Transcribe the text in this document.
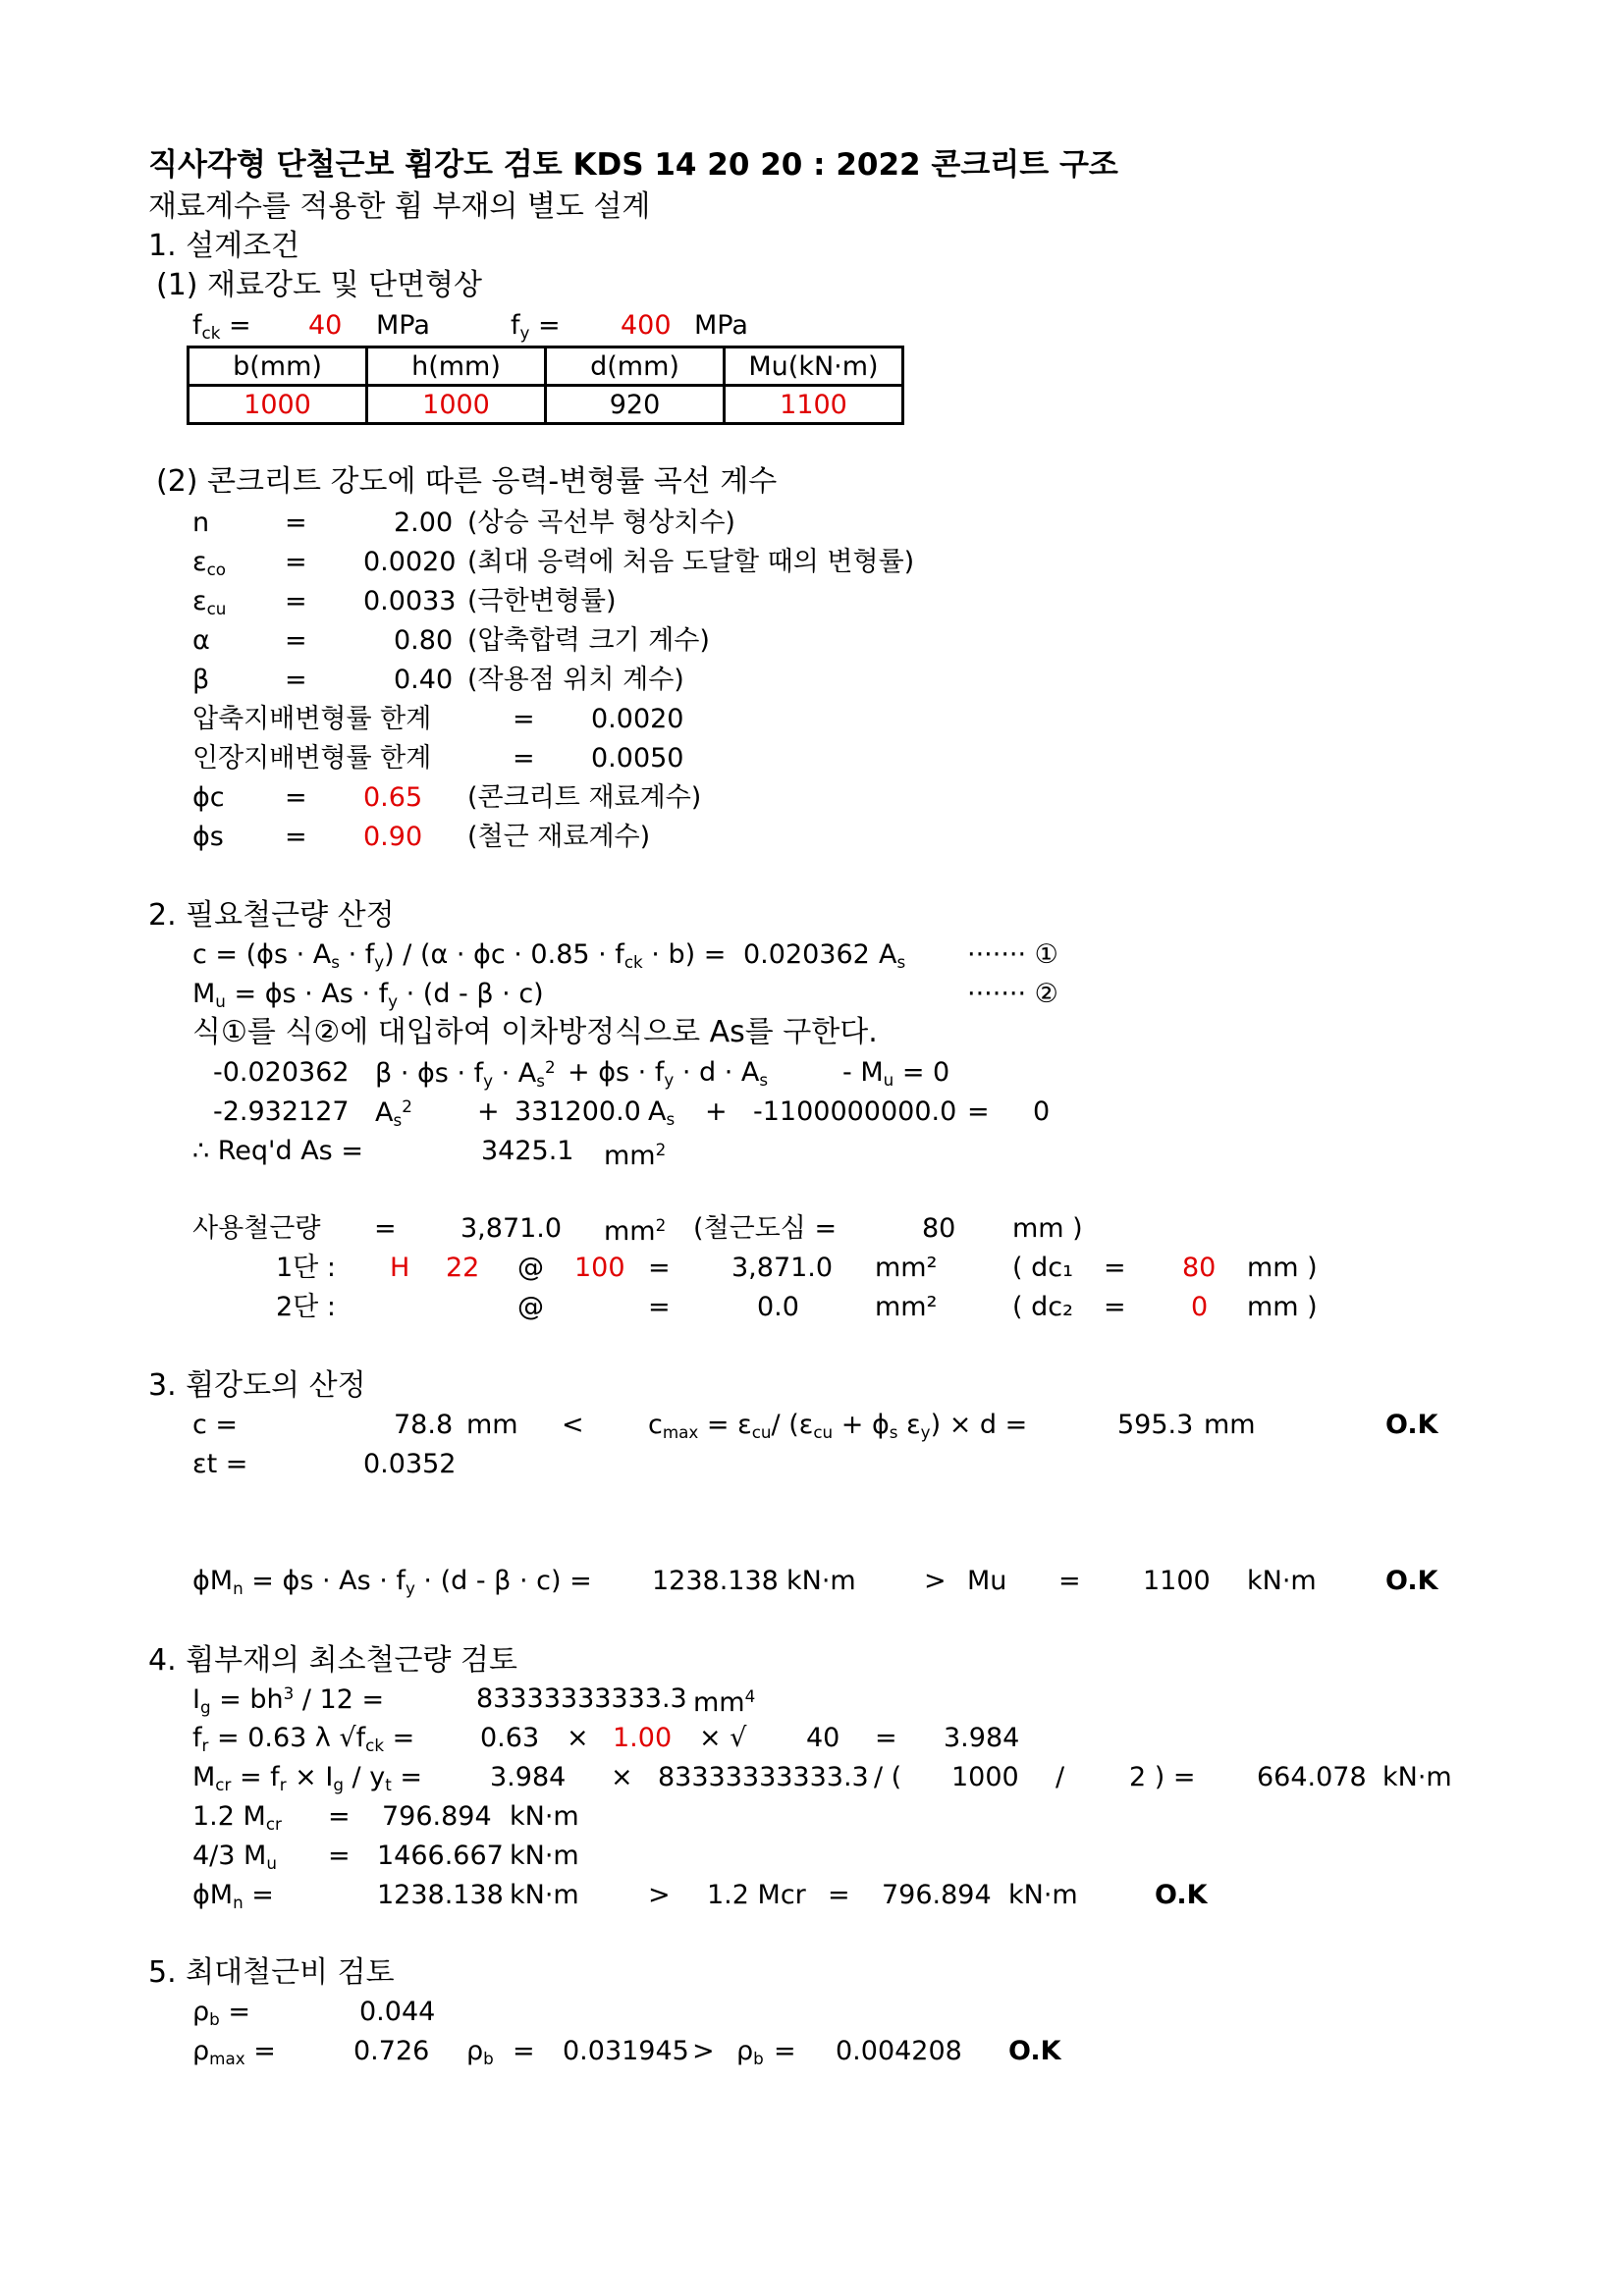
직사각형 단철근보 휨강도 검토 KDS 14 20 20 : 2022 콘크리트 구조
재료계수를 적용한 휨 부재의 별도 설계
1. 설계조건
(1) 재료강도 및 단면형상
$f_{ck} = 40$ MPa	$f_y = 400$ MPa
b(mm)	h(mm)	d(mm)	Mu(kN·m)
1000	1000	920	1100
(2) 콘크리트 강도에 따른 응력-변형률 곡선 계수
n	=	2.00 (상승 곡선부 형상치수)
$\varepsilon_{co} = 0.0020$ (최대 응력에 처음 도달할 때의 변형률)
$\varepsilon_{cu} = 0.0033$ (극한변형률)
α	=	0.80 (압축합력 크기 계수)
β	=	0.40 (작용점 위치 계수)
압축지배변형률 한계	= 0.0020
인장지배변형률 한계	= 0.0050
ϕc = 0.65 (콘크리트 재료계수)
ϕs = 0.90 (철근 재료계수)
2. 필요철근량 산정
$c = (\phi s \cdot A_s \cdot f_y) / (\alpha \cdot \phi c \cdot 0.85 \cdot f_{ck} \cdot b) = 0.020362$ $A_s$ ······· ①
$M_u = \phi s \cdot As \cdot f_y \cdot (d - \beta \cdot c)$	······· ②
식①를 식②에 대입하여 이차방정식으로 As를 구한다.
-0.020362 $\beta \cdot \phi s \cdot f_y \cdot A_s^2 + \phi s \cdot f_y \cdot d \cdot A_s$	- $M_u = 0$
-2.932127 $A_s^2 + 331200.0$ $A_s + -1100000000.0 = 0$
∴ Req'd As =	3425.1 $mm^2$
사용철근량 = 3,871.0 $mm^2$ (철근도심 =	80 mm )
1단 : H 22 @ 100 = 3,871.0 mm²	( dc₁ = 80 mm )
2단 :	@	=	0.0	mm²	( dc₂ = 0 mm )
3. 휨강도의 산정
c =	78.8 mm < $c_{max} = \varepsilon_{cu}/$ ($\varepsilon_{cu} + \phi_s$ $\varepsilon_y) \times d$ =	595.3 mm	O.K
εt =	0.0352
$\phi M_n = \phi s \cdot As \cdot f_y \cdot (d - \beta \cdot c) = 1238.138$ kN·m	> Mu = 1100 kN·m	O.K
4. 휨부재의 최소철근량 검토
$I_g = bh^3 / 12$ =	83333333333.3 $mm^4$
$f_r = 0.63$ λ $√f_{ck} = 0.63 \times 1.00$ × √ 40 = 3.984
$M_{cr} = f_r \times I_g / y_t$ =	3.984 × 83333333333.3 / ( 1000 / 2 ) = 664.078 kN·m
1.2 $M_{cr} = 796.894$ kN·m
4/3 $M_u = 1466.667$ kN·m
$\phi M_n$ =	1238.138 kN·m	> 1.2 Mcr = 796.894 kN·m	O.K
5. 최대철근비 검토
$\rho_b$ =	0.044
$\rho_{max}$ =	0.726 $\rho_b = 0.031945 > \rho_b = 0.004208$ O.K
